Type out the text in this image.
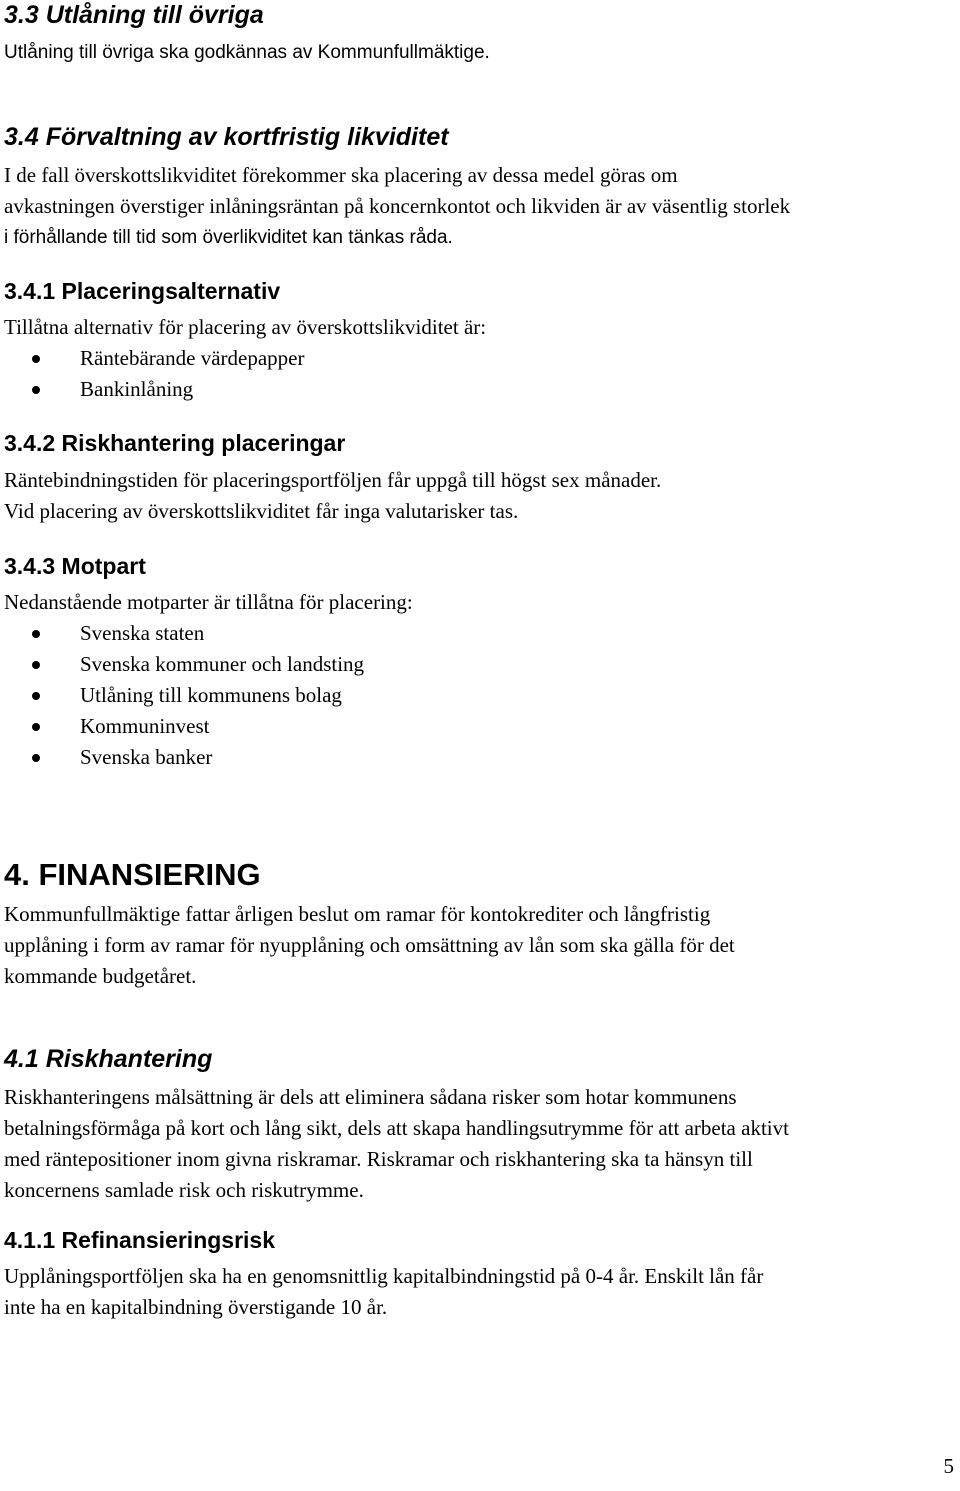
3.3 Utlåning till övriga

Utlåning till övriga ska godkännas av Kommunfullmäktige.

3.4 Förvaltning av kortfristig likviditet

I de fall överskottslikviditet förekommer ska placering av dessa medel göras om

avkastningen överstiger inlåningsräntan på koncernkontot och likviden är av väsentlig storlek

i förhållande till tid som överlikviditet kan tänkas råda.

3.4.1 Placeringsalternativ

Tillåtna alternativ för placering av överskottslikviditet är:

Räntebärande värdepapper
Bankinlåning
3.4.2 Riskhantering placeringar

Räntebindningstiden för placeringsportföljen får uppgå till högst sex månader.

Vid placering av överskottslikviditet får inga valutarisker tas.

3.4.3 Motpart

Nedanstående motparter är tillåtna för placering:

Svenska staten
Svenska kommuner och landsting
Utlåning till kommunens bolag
Kommuninvest
Svenska banker
4. FINANSIERING

Kommunfullmäktige fattar årligen beslut om ramar för kontokrediter och långfristig

upplåning i form av ramar för nyupplåning och omsättning av lån som ska gälla för det

kommande budgetåret.

4.1 Riskhantering

Riskhanteringens målsättning är dels att eliminera sådana risker som hotar kommunens

betalningsförmåga på kort och lång sikt, dels att skapa handlingsutrymme för att arbeta aktivt

med räntepositioner inom givna riskramar. Riskramar och riskhantering ska ta hänsyn till

koncernens samlade risk och riskutrymme.

4.1.1 Refinansieringsrisk

Upplåningsportföljen ska ha en genomsnittlig kapitalbindningstid på 0-4 år. Enskilt lån får

inte ha en kapitalbindning överstigande 10 år.

5
